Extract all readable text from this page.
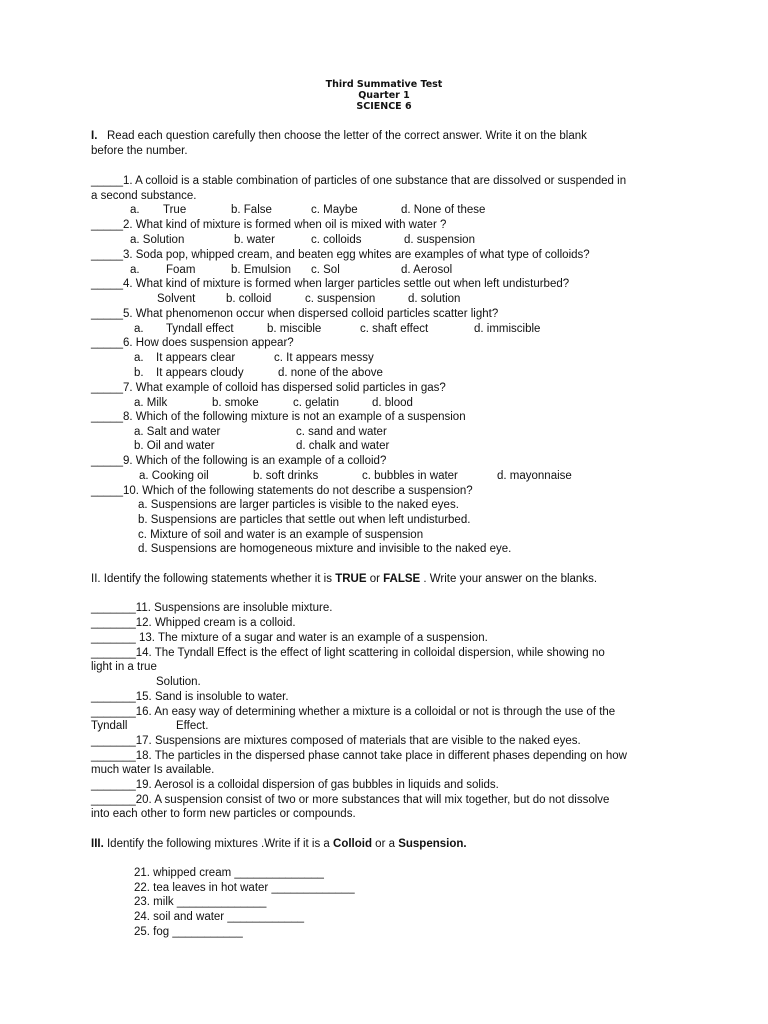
Third Summative Test
Quarter 1
SCIENCE 6
I. Read each question carefully then choose the letter of the correct answer. Write it on the blank
before the number.
_____1. A colloid is a stable combination of particles of one substance that are dissolved or suspended in
a second substance.
a. True	b. False	c. Maybe	d. None of these
_____2. What kind of mixture is formed when oil is mixed with water ?
a. Solution	b. water	c. colloids	d. suspension
_____3. Soda pop, whipped cream, and beaten egg whites are examples of what type of colloids?
a. Foam	b. Emulsion c. Sol	d. Aerosol
_____4. What kind of mixture is formed when larger particles settle out when left undisturbed?
Solvent	b. colloid	c. suspension	d. solution
_____5. What phenomenon occur when dispersed colloid particles scatter light?
a. Tyndall effect	b. miscible	c. shaft effect	d. immiscible
_____6. How does suspension appear?
a. It appears clear	c. It appears messy
b. It appears cloudy	d. none of the above
_____7. What example of colloid has dispersed solid particles in gas?
a. Milk	b. smoke	c. gelatin	d. blood
_____8. Which of the following mixture is not an example of a suspension
a. Salt and water	c. sand and water
b. Oil and water	d. chalk and water
_____9. Which of the following is an example of a colloid?
a. Cooking oil	b. soft drinks	c. bubbles in water	d. mayonnaise
_____10. Which of the following statements do not describe a suspension?
a. Suspensions are larger particles is visible to the naked eyes.
b. Suspensions are particles that settle out when left undisturbed.
c. Mixture of soil and water is an example of suspension
d. Suspensions are homogeneous mixture and invisible to the naked eye.
II. Identify the following statements whether it is TRUE or FALSE . Write your answer on the blanks.
_______11. Suspensions are insoluble mixture.
_______12. Whipped cream is a colloid.
_______ 13. The mixture of a sugar and water is an example of a suspension.
_______14. The Tyndall Effect is the effect of light scattering in colloidal dispersion, while showing no
light in a true
Solution.
_______15. Sand is insoluble to water.
_______16. An easy way of determining whether a mixture is a colloidal or not is through the use of the
Tyndall	Effect.
_______17. Suspensions are mixtures composed of materials that are visible to the naked eyes.
_______18. The particles in the dispersed phase cannot take place in different phases depending on how
much water Is available.
_______19. Aerosol is a colloidal dispersion of gas bubbles in liquids and solids.
_______20. A suspension consist of two or more substances that will mix together, but do not dissolve
into each other to form new particles or compounds.
III. Identify the following mixtures .Write if it is a Colloid or a Suspension.
21. whipped cream ______________
22. tea leaves in hot water _____________
23. milk ______________
24. soil and water ____________
25. fog ___________
